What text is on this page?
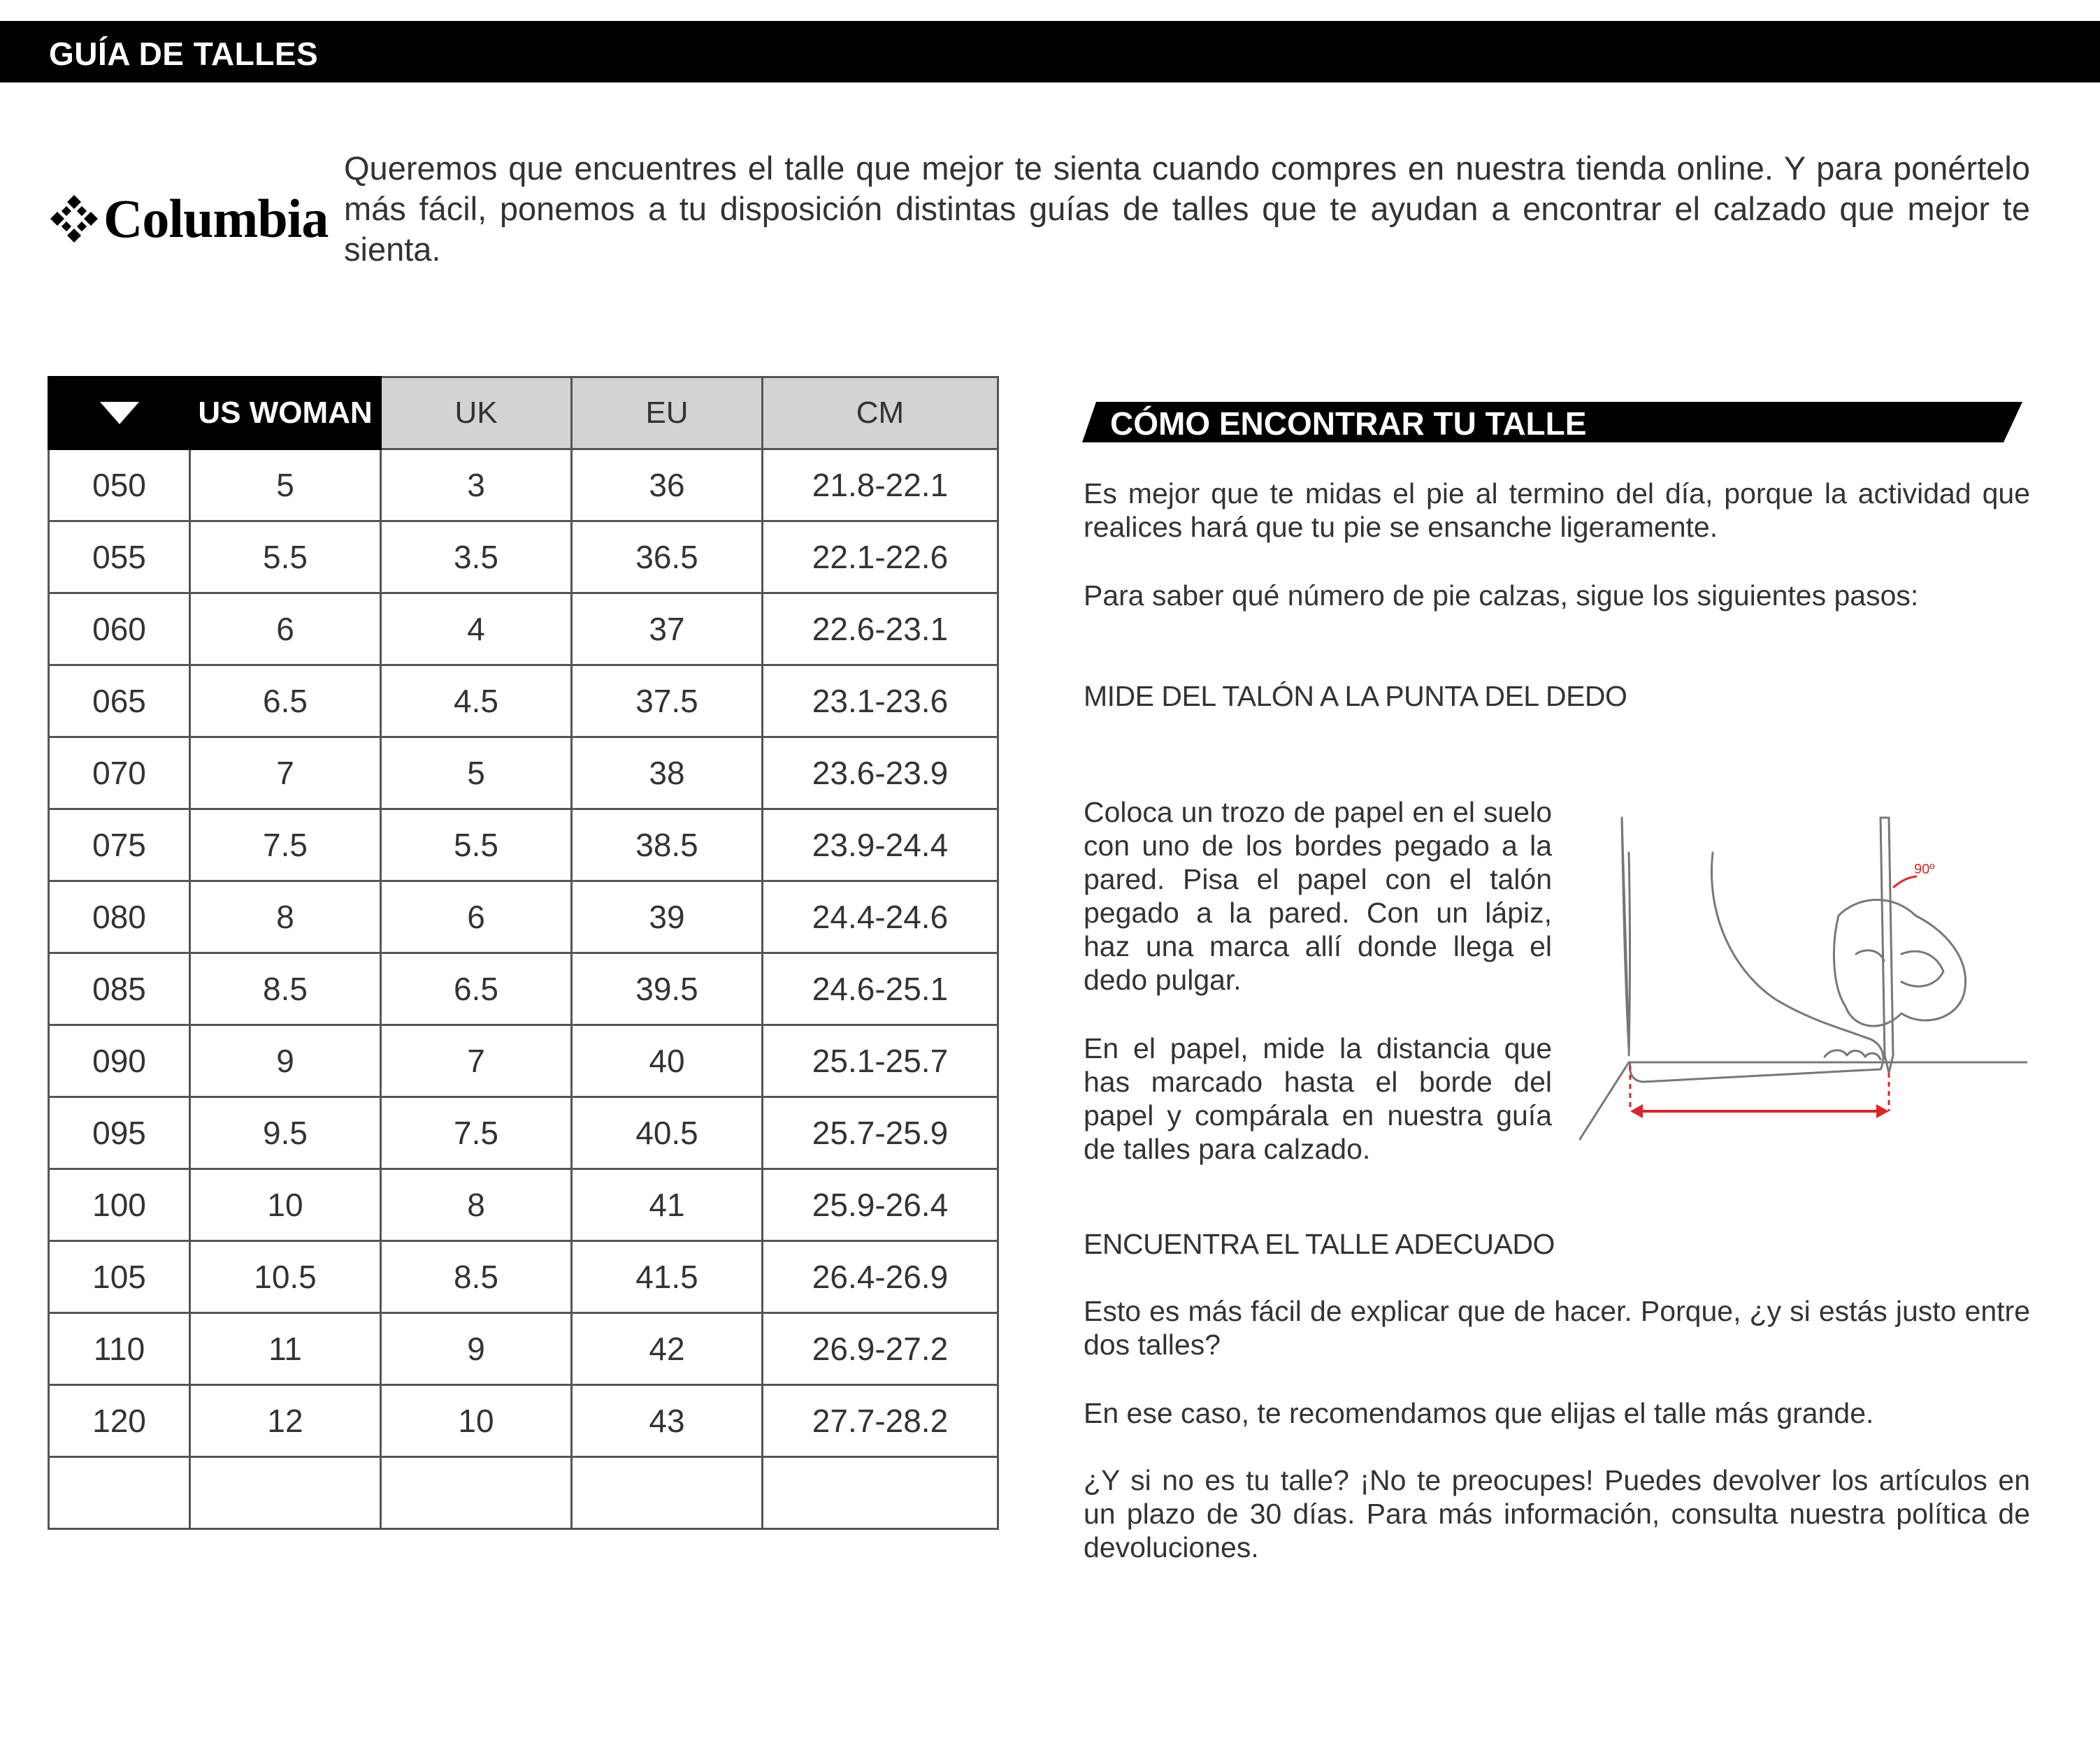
GUÍA DE TALLES
Columbia
Queremos que encuentres el talle que mejor te sienta cuando compres en nuestra tienda online. Y para ponértelo más fácil, ponemos a tu disposición distintas guías de talles que te ayudan a encontrar el calzado que mejor te sienta.
	US WOMAN	UK	EU	CM
050	5	3	36	21.8-22.1
055	5.5	3.5	36.5	22.1-22.6
060	6	4	37	22.6-23.1
065	6.5	4.5	37.5	23.1-23.6
070	7	5	38	23.6-23.9
075	7.5	5.5	38.5	23.9-24.4
080	8	6	39	24.4-24.6
085	8.5	6.5	39.5	24.6-25.1
090	9	7	40	25.1-25.7
095	9.5	7.5	40.5	25.7-25.9
100	10	8	41	25.9-26.4
105	10.5	8.5	41.5	26.4-26.9
110	11	9	42	26.9-27.2
120	12	10	43	27.7-28.2

CÓMO ENCONTRAR TU TALLE
Es mejor que te midas el pie al termino del día, porque la actividad que realices hará que tu pie se ensanche ligeramente.
Para saber qué número de pie calzas, sigue los siguientes pasos:
MIDE DEL TALÓN A LA PUNTA DEL DEDO
Coloca un trozo de papel en el suelo con uno de los bordes pegado a la pared. Pisa el papel con el talón pegado a la pared. Con un lápiz, haz una marca allí donde llega el dedo pulgar.
En el papel, mide la distancia que has marcado hasta el borde del papel y compárala en nuestra guía de talles para calzado.
90º
ENCUENTRA EL TALLE ADECUADO
Esto es más fácil de explicar que de hacer. Porque, ¿y si estás justo entre dos talles?
En ese caso, te recomendamos que elijas el talle más grande.
¿Y si no es tu talle? ¡No te preocupes! Puedes devolver los artículos en un plazo de 30 días. Para más información, consulta nuestra política de devoluciones.
